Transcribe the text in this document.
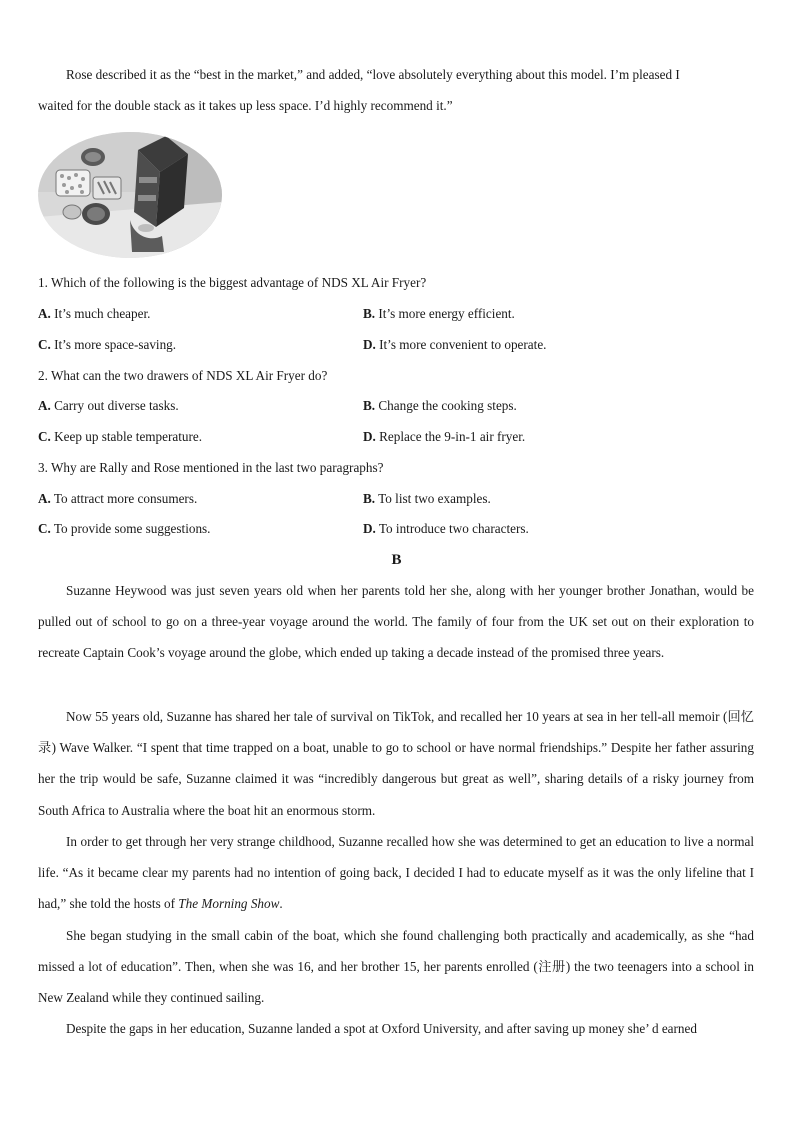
Rose described it as the “best in the market,” and added, “love absolutely everything about this model. I’m pleased I
waited for the double stack as it takes up less space. I’d highly recommend it.”

1. Which of the following is the biggest advantage of NDS XL Air Fryer?
A. It’s much cheaper.	B. It’s more energy efficient.
C. It’s more space-saving.	D. It’s more convenient to operate.
2. What can the two drawers of NDS XL Air Fryer do?
A. Carry out diverse tasks.	B. Change the cooking steps.
C. Keep up stable temperature.	D. Replace the 9-in-1 air fryer.
3. Why are Rally and Rose mentioned in the last two paragraphs?
A. To attract more consumers.	B. To list two examples.
C. To provide some suggestions.	D. To introduce two characters.
B

Suzanne Heywood was just seven years old when her parents told her she, along with her younger brother Jonathan, would be pulled out of school to go on a three-year voyage around the world. The family of four from the UK set out on their exploration to recreate Captain Cook’s voyage around the globe, which ended up taking a decade instead of the promised three years.

Now 55 years old, Suzanne has shared her tale of survival on TikTok, and recalled her 10 years at sea in her tell-all memoir (回忆录) Wave Walker. “I spent that time trapped on a boat, unable to go to school or have normal friendships.” Despite her father assuring her the trip would be safe, Suzanne claimed it was “incredibly dangerous but great as well”, sharing details of a risky journey from South Africa to Australia where the boat hit an enormous storm.

In order to get through her very strange childhood, Suzanne recalled how she was determined to get an education to live a normal life. “As it became clear my parents had no intention of going back, I decided I had to educate myself as it was the only lifeline that I had,” she told the hosts of The Morning Show.

She began studying in the small cabin of the boat, which she found challenging both practically and academically, as she “had missed a lot of education”. Then, when she was 16, and her brother 15, her parents enrolled (注册) the two teenagers into a school in New Zealand while they continued sailing.

Despite the gaps in her education, Suzanne landed a spot at Oxford University, and after saving up money she’ d earned
